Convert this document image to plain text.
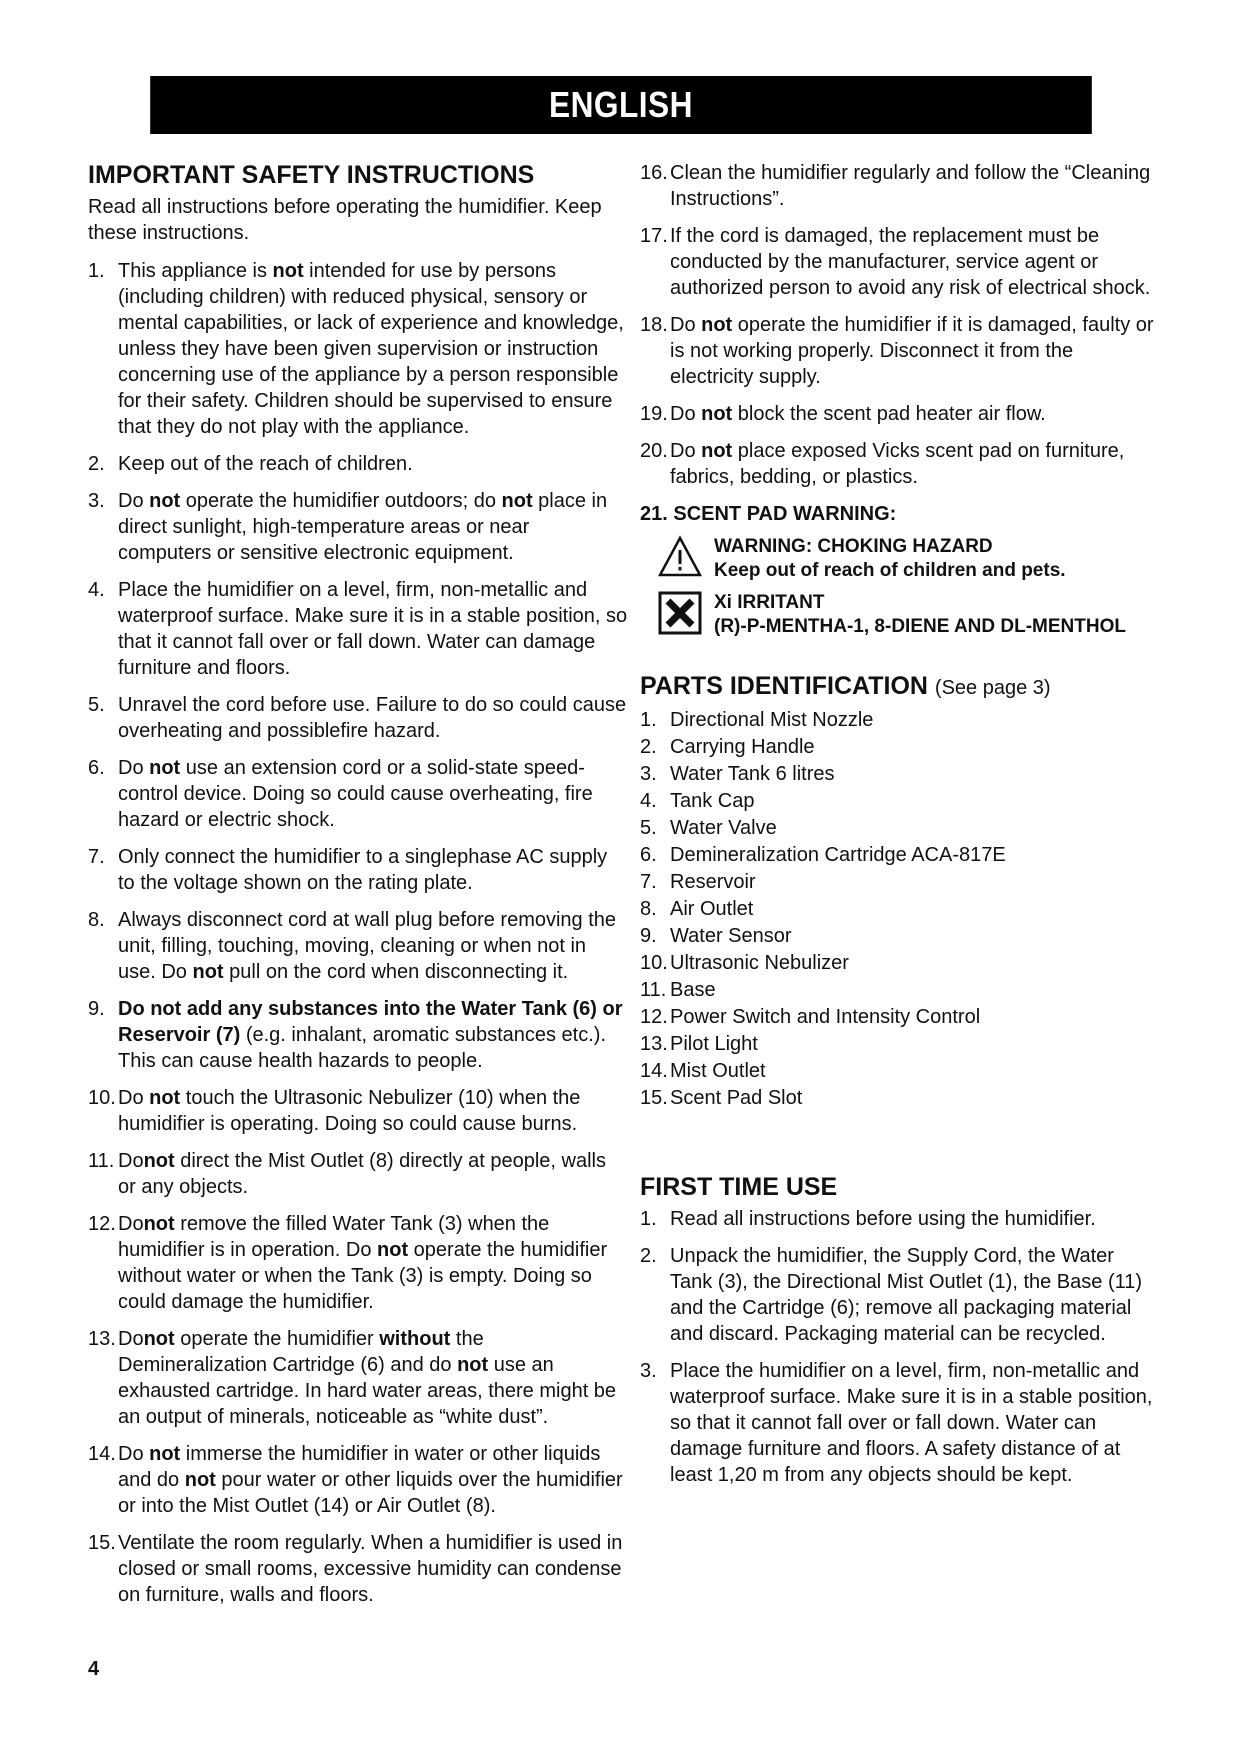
ENGLISH
IMPORTANT SAFETY INSTRUCTIONS
Read all instructions before operating the humidifier. Keep these instructions.
1. This appliance is not intended for use by persons (including children) with reduced physical, sensory or mental capabilities, or lack of experience and knowledge, unless they have been given supervision or instruction concerning use of the appliance by a person responsible for their safety. Children should be supervised to ensure that they do not play with the appliance.
2. Keep out of the reach of children.
3. Do not operate the humidifier outdoors; do not place in direct sunlight, high-temperature areas or near computers or sensitive electronic equipment.
4. Place the humidifier on a level, firm, non-metallic and waterproof surface. Make sure it is in a stable position, so that it cannot fall over or fall down. Water can damage furniture and floors.
5. Unravel the cord before use. Failure to do so could cause overheating and possiblefire hazard.
6. Do not use an extension cord or a solid-state speed-control device. Doing so could cause overheating, fire hazard or electric shock.
7. Only connect the humidifier to a singlephase AC supply to the voltage shown on the rating plate.
8. Always disconnect cord at wall plug before removing the unit, filling, touching, moving, cleaning or when not in use. Do not pull on the cord when disconnecting it.
9. Do not add any substances into the Water Tank (6) or Reservoir (7) (e.g. inhalant, aromatic substances etc.). This can cause health hazards to people.
10. Do not touch the Ultrasonic Nebulizer (10) when the humidifier is operating. Doing so could cause burns.
11. Donot direct the Mist Outlet (8) directly at people, walls or any objects.
12. Donot remove the filled Water Tank (3) when the humidifier is in operation. Do not operate the humidifier without water or when the Tank (3) is empty. Doing so could damage the humidifier.
13. Donot operate the humidifier without the Demineralization Cartridge (6) and do not use an exhausted cartridge. In hard water areas, there might be an output of minerals, noticeable as “white dust”.
14. Do not immerse the humidifier in water or other liquids and do not pour water or other liquids over the humidifier or into the Mist Outlet (14) or Air Outlet (8).
15. Ventilate the room regularly. When a humidifier is used in closed or small rooms, excessive humidity can condense on furniture, walls and floors.
16. Clean the humidifier regularly and follow the “Cleaning Instructions”.
17. If the cord is damaged, the replacement must be conducted by the manufacturer, service agent or authorized person to avoid any risk of electrical shock.
18. Do not operate the humidifier if it is damaged, faulty or is not working properly. Disconnect it from the electricity supply.
19. Do not block the scent pad heater air flow.
20. Do not place exposed Vicks scent pad on furniture, fabrics, bedding, or plastics.
21. SCENT PAD WARNING:
WARNING: CHOKING HAZARD
Keep out of reach of children and pets.
Xi IRRITANT
(R)-P-MENTHA-1, 8-DIENE AND DL-MENTHOL
PARTS IDENTIFICATION (See page 3)
1. Directional Mist Nozzle
2. Carrying Handle
3. Water Tank 6 litres
4. Tank Cap
5. Water Valve
6. Demineralization Cartridge ACA-817E
7. Reservoir
8. Air Outlet
9. Water Sensor
10. Ultrasonic Nebulizer
11. Base
12. Power Switch and Intensity Control
13. Pilot Light
14. Mist Outlet
15. Scent Pad Slot
FIRST TIME USE
1. Read all instructions before using the humidifier.
2. Unpack the humidifier, the Supply Cord, the Water Tank (3), the Directional Mist Outlet (1), the Base (11) and the Cartridge (6); remove all packaging material and discard. Packaging material can be recycled.
3. Place the humidifier on a level, firm, non-metallic and waterproof surface. Make sure it is in a stable position, so that it cannot fall over or fall down. Water can damage furniture and floors. A safety distance of at least 1,20 m from any objects should be kept.
4
